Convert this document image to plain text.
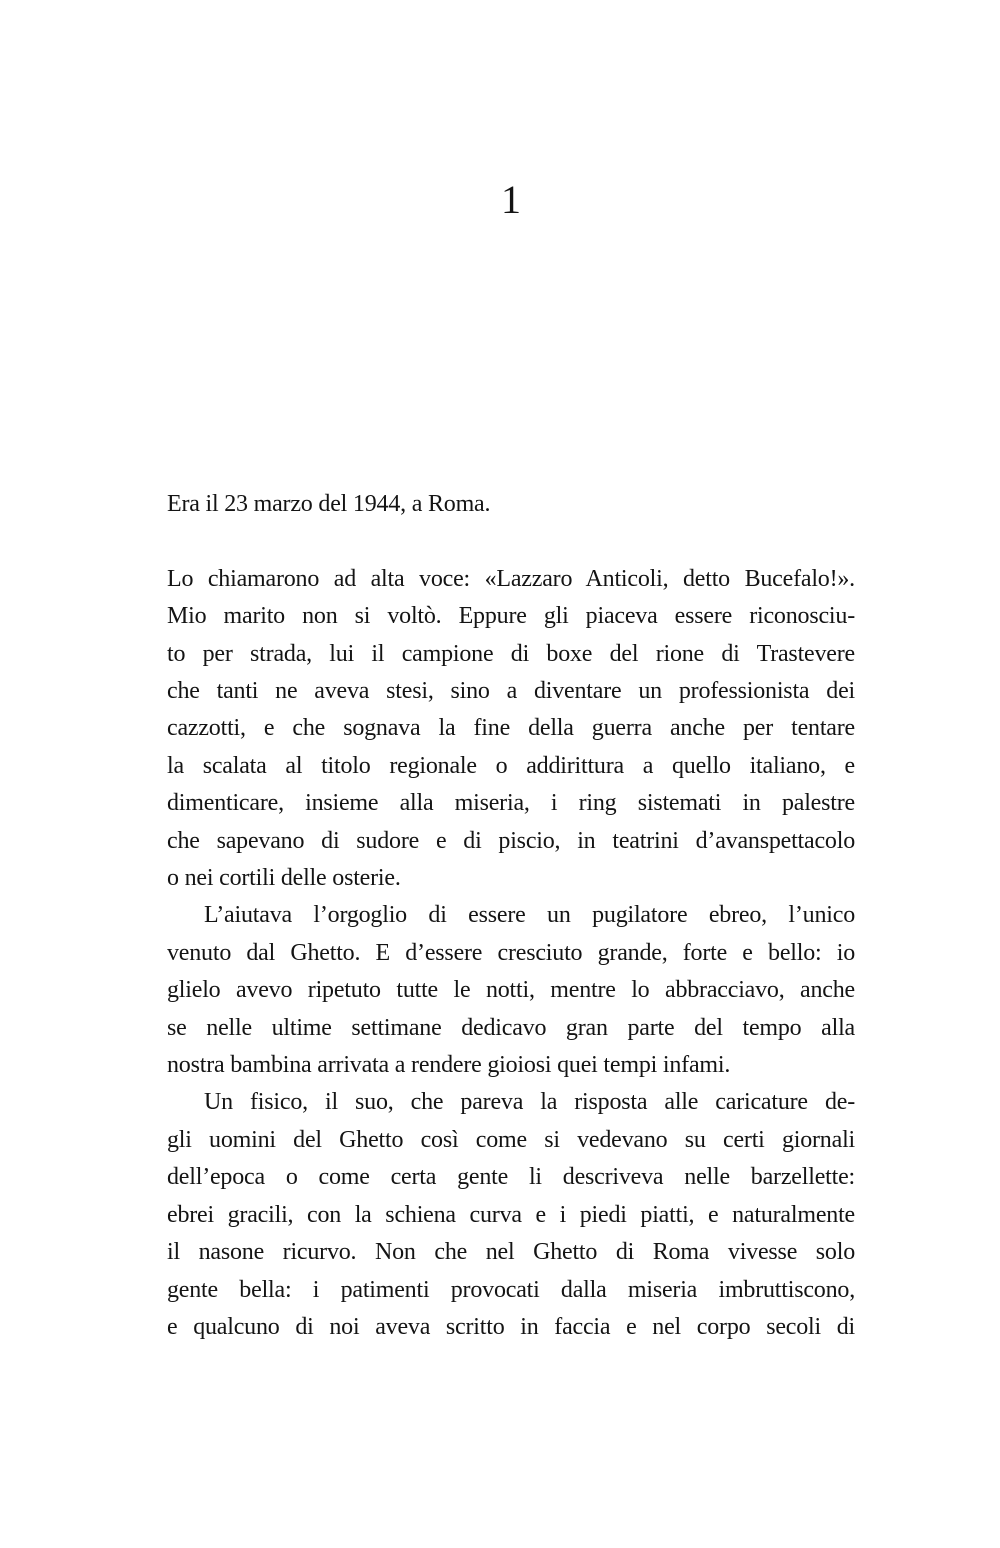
1
Era il 23 marzo del 1944, a Roma.
Lo chiamarono ad alta voce: «Lazzaro Anticoli, detto Bucefalo!».
Mio marito non si voltò. Eppure gli piaceva essere riconosciu-
to per strada, lui il campione di boxe del rione di Trastevere
che tanti ne aveva stesi, sino a diventare un professionista dei
cazzotti, e che sognava la fine della guerra anche per tentare
la scalata al titolo regionale o addirittura a quello italiano, e
dimenticare, insieme alla miseria, i ring sistemati in palestre
che sapevano di sudore e di piscio, in teatrini d’avanspettacolo
o nei cortili delle osterie.
L’aiutava l’orgoglio di essere un pugilatore ebreo, l’unico
venuto dal Ghetto. E d’essere cresciuto grande, forte e bello: io
glielo avevo ripetuto tutte le notti, mentre lo abbracciavo, anche
se nelle ultime settimane dedicavo gran parte del tempo alla
nostra bambina arrivata a rendere gioiosi quei tempi infami.
Un fisico, il suo, che pareva la risposta alle caricature de-
gli uomini del Ghetto così come si vedevano su certi giornali
dell’epoca o come certa gente li descriveva nelle barzellette:
ebrei gracili, con la schiena curva e i piedi piatti, e naturalmente
il nasone ricurvo. Non che nel Ghetto di Roma vivesse solo
gente bella: i patimenti provocati dalla miseria imbruttiscono,
e qualcuno di noi aveva scritto in faccia e nel corpo secoli di
